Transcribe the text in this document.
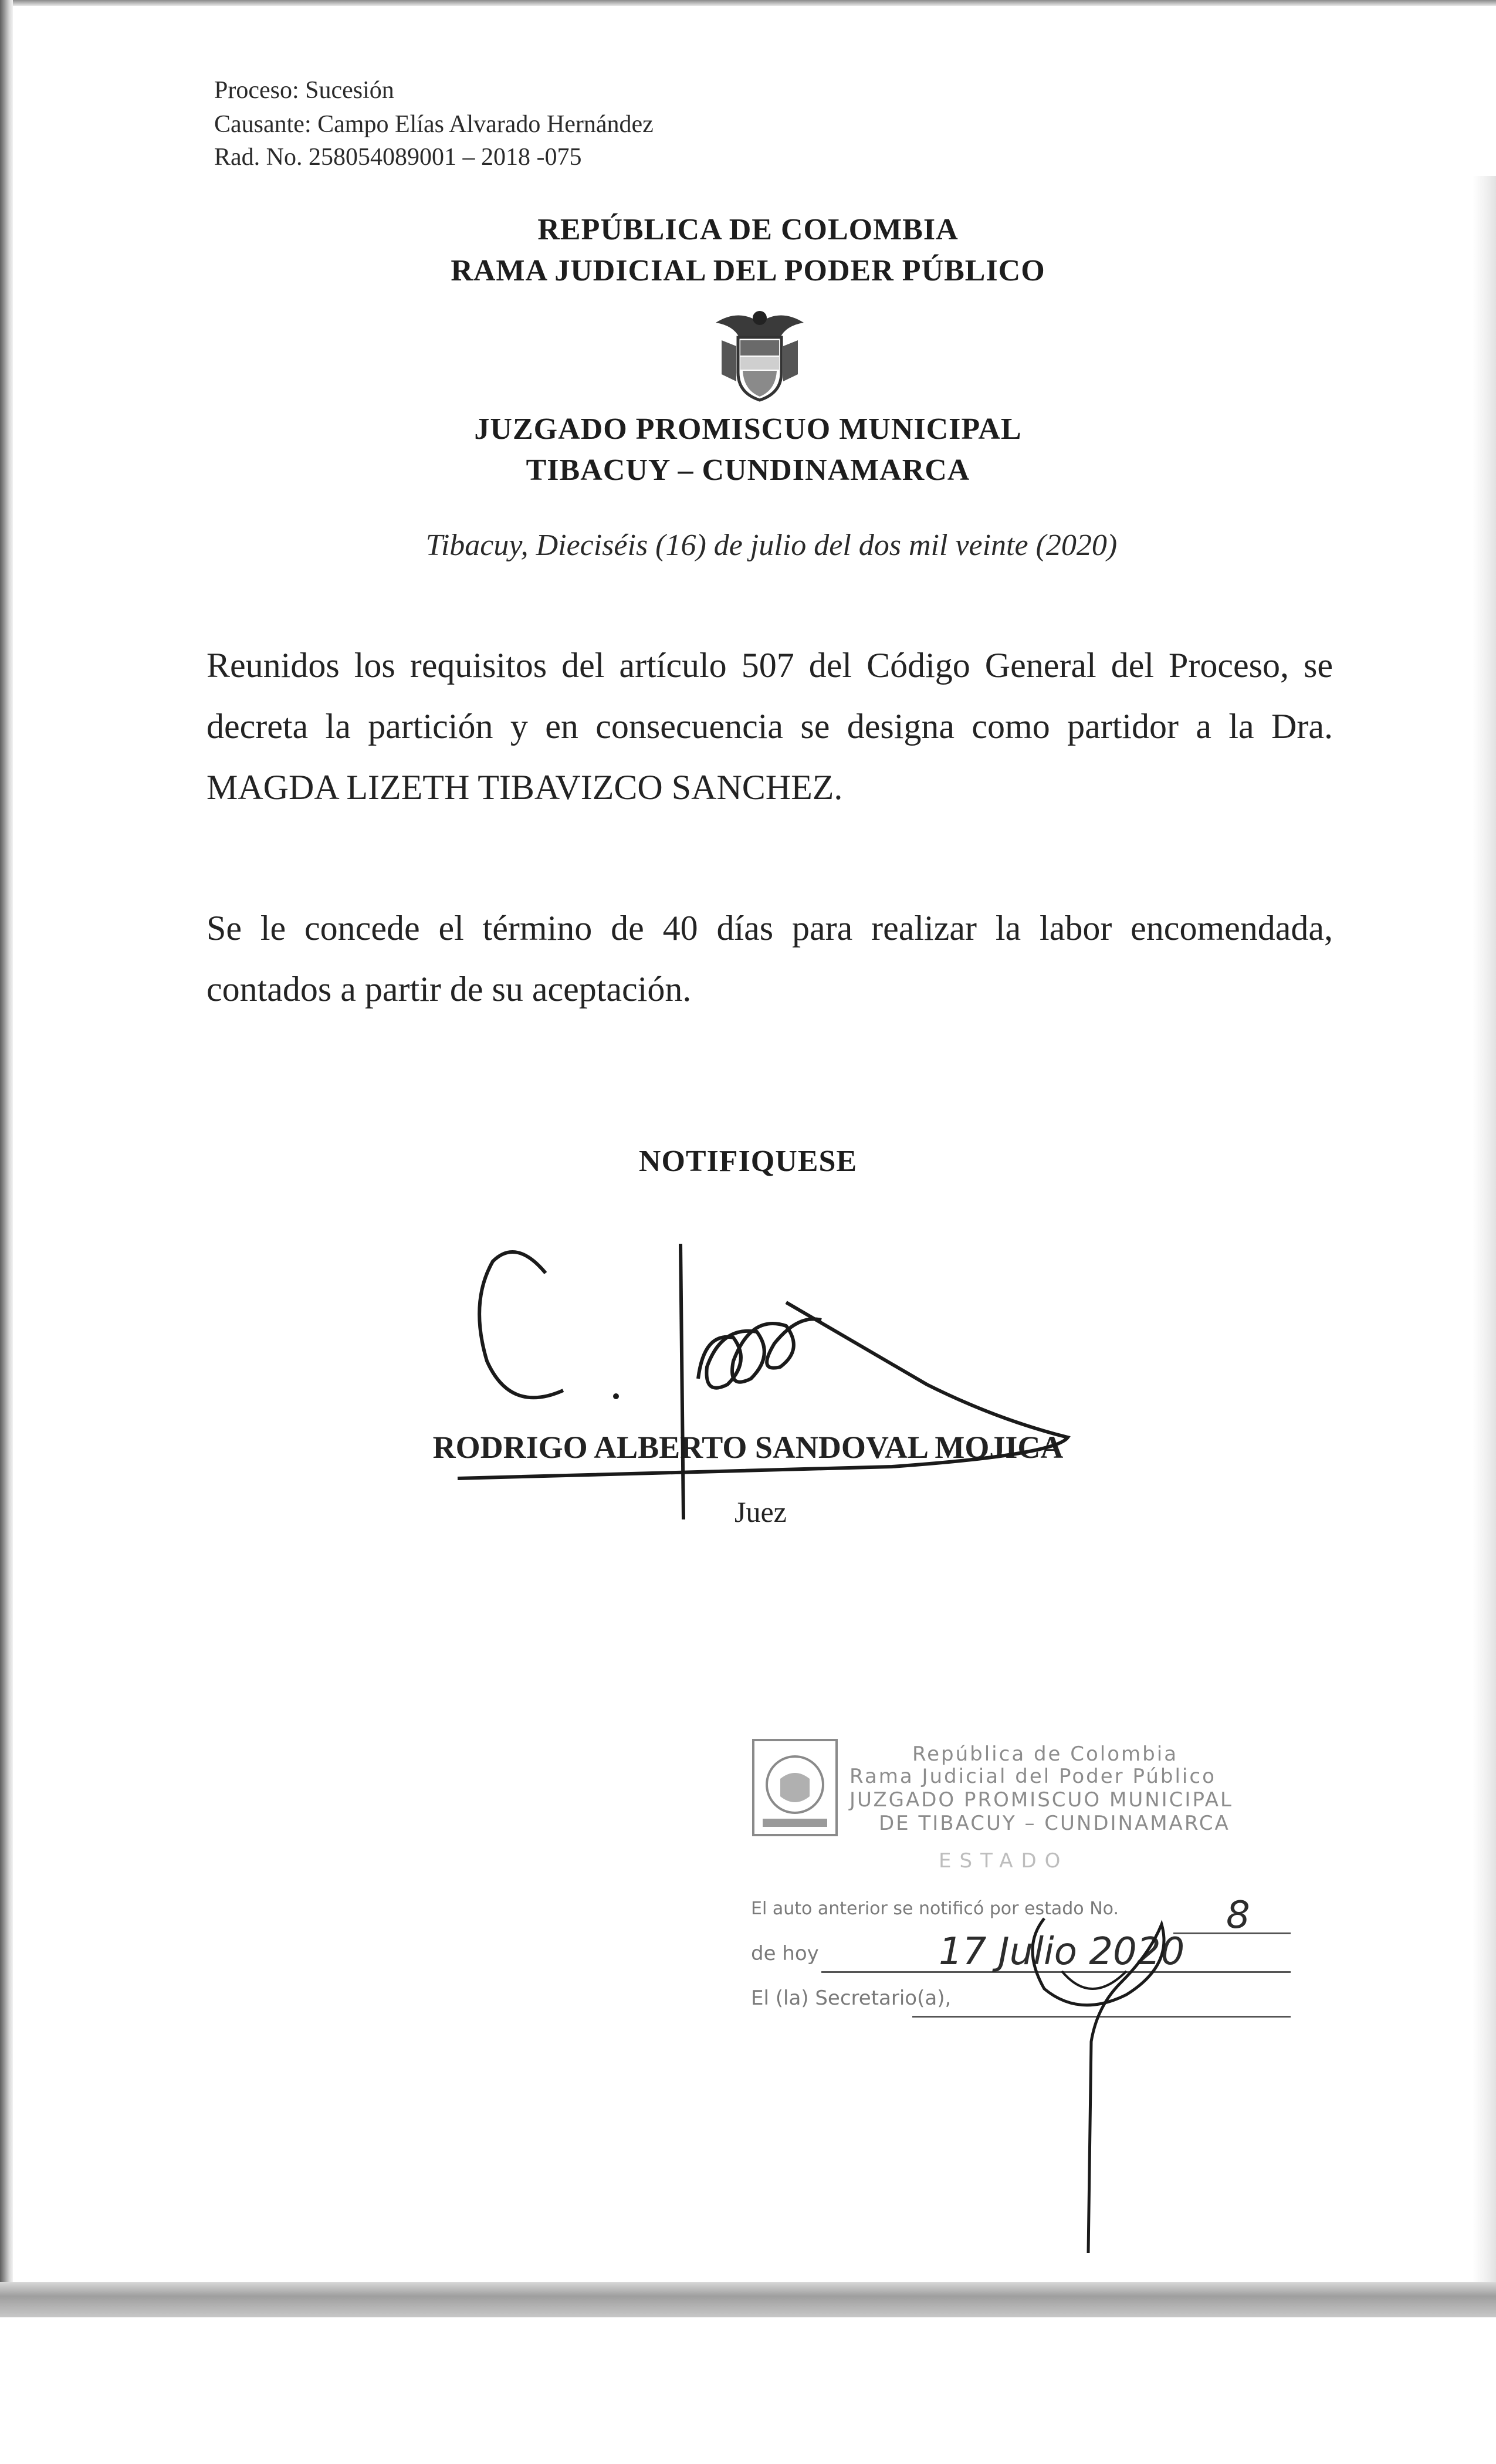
Proceso: Sucesión
Causante: Campo Elías Alvarado Hernández
Rad. No. 258054089001 – 2018 -075
REPÚBLICA DE COLOMBIA
RAMA JUDICIAL DEL PODER PÚBLICO
JUZGADO PROMISCUO MUNICIPAL
TIBACUY – CUNDINAMARCA
Tibacuy, Dieciséis (16) de julio del dos mil veinte (2020)
Reunidos los requisitos del artículo 507 del Código General del Proceso, se decreta la partición y en consecuencia se designa como partidor a la Dra. MAGDA LIZETH TIBAVIZCO SANCHEZ.
Se le concede el término de 40 días para realizar la labor encomendada, contados a partir de su aceptación.
NOTIFIQUESE
RODRIGO ALBERTO SANDOVAL MOJICA
Juez
República de Colombia
Rama Judicial del Poder Público
JUZGADO PROMISCUO MUNICIPAL
DE TIBACUY – CUNDINAMARCA
ESTADO
El auto anterior se notificó por estado No.	8
de hoy	17 Julio 2020
El (la) Secretario(a),
